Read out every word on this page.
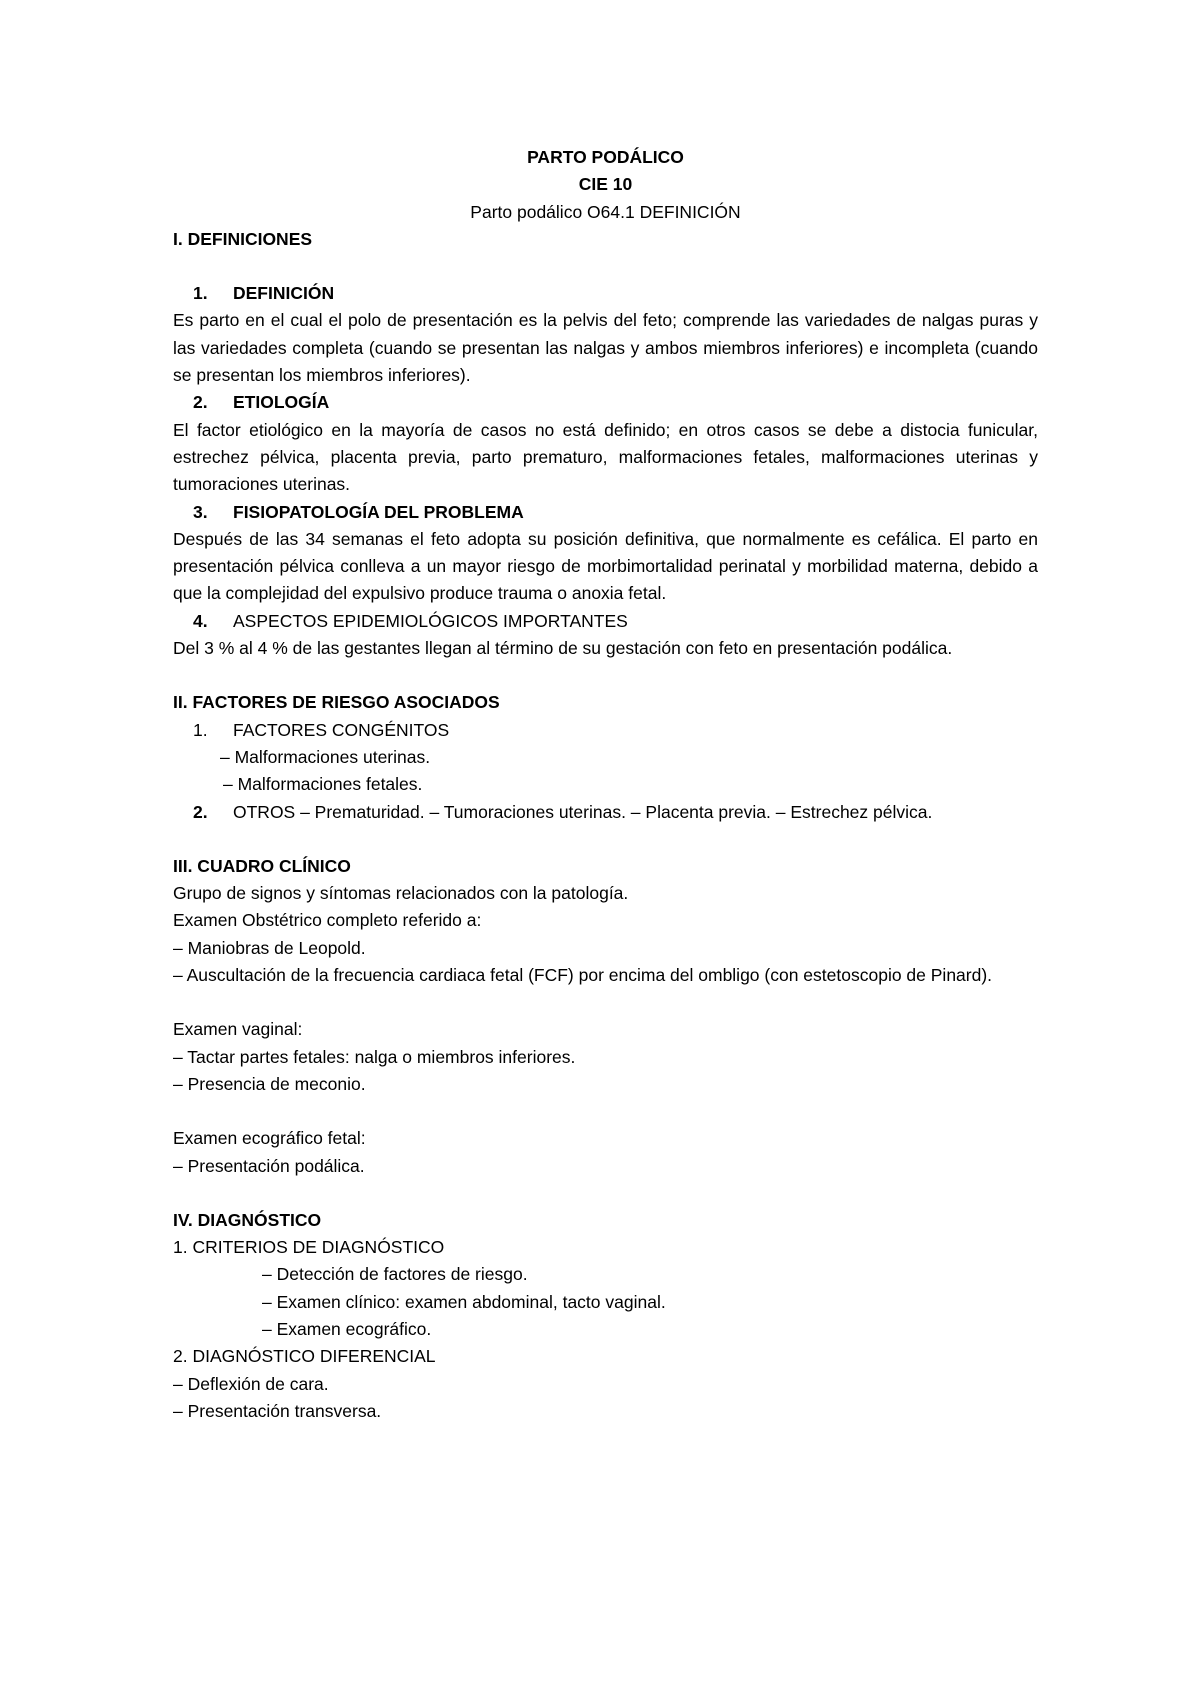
PARTO PODÁLICO

CIE 10

Parto podálico O64.1 DEFINICIÓN

I. DEFINICIONES

1.	DEFINICIÓN

Es parto en el cual el polo de presentación es la pelvis del feto; comprende las variedades de nalgas puras y las variedades completa (cuando se presentan las nalgas y ambos miembros inferiores) e incompleta (cuando se presentan los miembros inferiores).

2.	ETIOLOGÍA

El factor etiológico en la mayoría de casos no está definido; en otros casos se debe a distocia funicular, estrechez pélvica, placenta previa, parto prematuro, malformaciones fetales, malformaciones uterinas y tumoraciones uterinas.

3.	FISIOPATOLOGÍA DEL PROBLEMA

Después de las 34 semanas el feto adopta su posición definitiva, que normalmente es cefálica. El parto en presentación pélvica conlleva a un mayor riesgo de morbimortalidad perinatal y morbilidad materna, debido a que la complejidad del expulsivo produce trauma o anoxia fetal.

4.	ASPECTOS EPIDEMIOLÓGICOS IMPORTANTES

Del 3 % al 4 % de las gestantes llegan al término de su gestación con feto en presentación podálica.

II. FACTORES DE RIESGO ASOCIADOS

1.	FACTORES CONGÉNITOS

– Malformaciones uterinas.

– Malformaciones fetales.

2.	OTROS – Prematuridad. – Tumoraciones uterinas. – Placenta previa. – Estrechez pélvica.

III. CUADRO CLÍNICO

Grupo de signos y síntomas relacionados con la patología.

Examen Obstétrico completo referido a:

– Maniobras de Leopold.

– Auscultación de la frecuencia cardiaca fetal (FCF) por encima del ombligo (con estetoscopio de Pinard).

Examen vaginal:

– Tactar partes fetales: nalga o miembros inferiores.

– Presencia de meconio.

Examen ecográfico fetal:

– Presentación podálica.

IV. DIAGNÓSTICO

1. CRITERIOS DE DIAGNÓSTICO

– Detección de factores de riesgo.

– Examen clínico: examen abdominal, tacto vaginal.

– Examen ecográfico.

2. DIAGNÓSTICO DIFERENCIAL

– Deflexión de cara.

– Presentación transversa.
